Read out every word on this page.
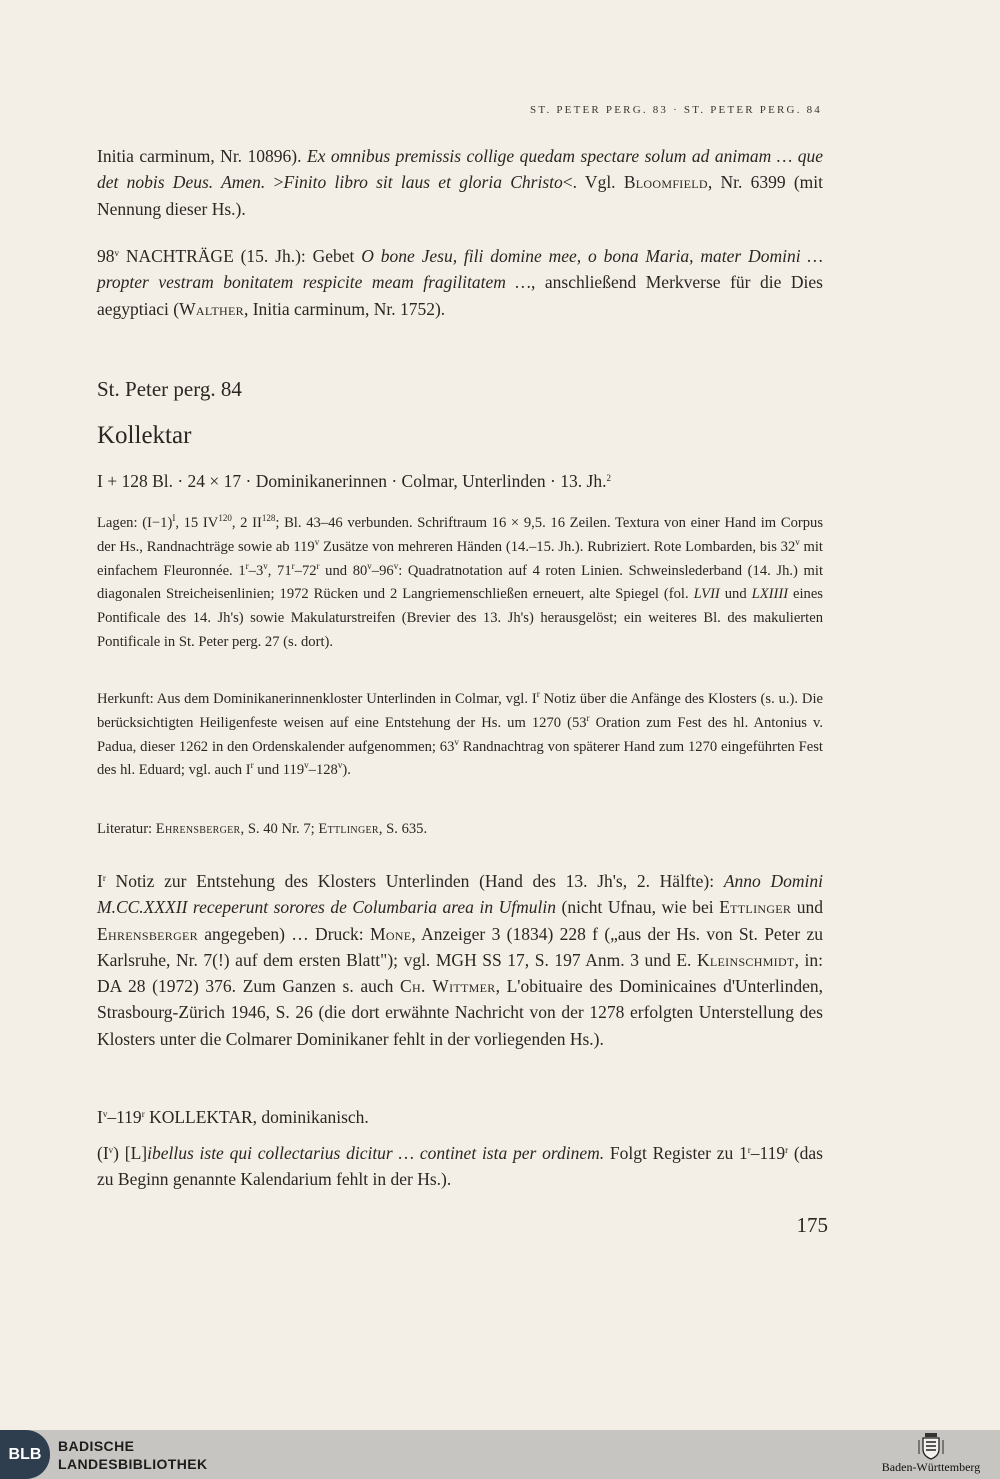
ST. PETER PERG. 83 · ST. PETER PERG. 84
Initia carminum, Nr. 10896). Ex omnibus premissis collige quedam spectare solum ad animam … que det nobis Deus. Amen. >Finito libro sit laus et gloria Christo<. Vgl. Bloomfield, Nr. 6399 (mit Nennung dieser Hs.).
98$^v$ NACHTRÄGE (15. Jh.): Gebet O bone Jesu, fili domine mee, o bona Maria, mater Domini … propter vestram bonitatem respicite meam fragilitatem …, anschließend Merkverse für die Dies aegyptiaci (Walther, Initia carminum, Nr. 1752).
St. Peter perg. 84
Kollektar
I + 128 Bl. · 24 × 17 · Dominikanerinnen · Colmar, Unterlinden · 13. Jh.$^2$
Lagen: $(I-1)^I$, 15 IV$^{120}$, 2 II$^{128}$; Bl. 43–46 verbunden. Schriftraum 16 × 9,5. 16 Zeilen. Textura von einer Hand im Corpus der Hs., Randnachträge sowie ab 119$^v$ Zusätze von mehreren Händen (14.–15. Jh.). Rubriziert. Rote Lombarden, bis 32$^v$ mit einfachem Fleuronnée. 1$^r$–3$^v$, 71$^r$–72$^r$ und 80$^v$–96$^v$: Quadratnotation auf 4 roten Linien. Schweinslederband (14. Jh.) mit diagonalen Streicheisenlinien; 1972 Rücken und 2 Langriemenschließen erneuert, alte Spiegel (fol. LVII und LXIIII eines Pontificale des 14. Jh's) sowie Makulaturstreifen (Brevier des 13. Jh's) herausgelöst; ein weiteres Bl. des makulierten Pontificale in St. Peter perg. 27 (s. dort).
Herkunft: Aus dem Dominikanerinnenkloster Unterlinden in Colmar, vgl. $I^r$ Notiz über die Anfänge des Klosters (s. u.). Die berücksichtigten Heiligenfeste weisen auf eine Entstehung der Hs. um 1270 (53$^r$ Oration zum Fest des hl. Antonius v. Padua, dieser 1262 in den Ordenskalender aufgenommen; 63$^v$ Randnachtrag von späterer Hand zum 1270 eingeführten Fest des hl. Eduard; vgl. auch $I^r$ und 119$^v$–128$^v$).
Literatur: Ehrensberger, S. 40 Nr. 7; Ettlinger, S. 635.
$I^r$ Notiz zur Entstehung des Klosters Unterlinden (Hand des 13. Jh's, 2. Hälfte): Anno Domini M.CC.XXXII receperunt sorores de Columbaria area in Ufmulin (nicht Ufnau, wie bei Ettlinger und Ehrensberger angegeben) … Druck: Mone, Anzeiger 3 (1834) 228 f („aus der Hs. von St. Peter zu Karlsruhe, Nr. 7(!) auf dem ersten Blatt"); vgl. MGH SS 17, S. 197 Anm. 3 und E. Kleinschmidt, in: DA 28 (1972) 376. Zum Ganzen s. auch Ch. Wittmer, L'obituaire des Dominicaines d'Unterlinden, Strasbourg-Zürich 1946, S. 26 (die dort erwähnte Nachricht von der 1278 erfolgten Unterstellung des Klosters unter die Colmarer Dominikaner fehlt in der vorliegenden Hs.).
$I^v-119^r$ KOLLEKTAR, dominikanisch.
$(I^v)$ [L]ibellus iste qui collectarius dicitur … continet ista per ordinem. Folgt Register zu 1$^r$–119$^r$ (das zu Beginn genannte Kalendarium fehlt in der Hs.).
175
BLB	BADISCHE
LANDESBIBLIOTHEK	Baden-Württemberg
